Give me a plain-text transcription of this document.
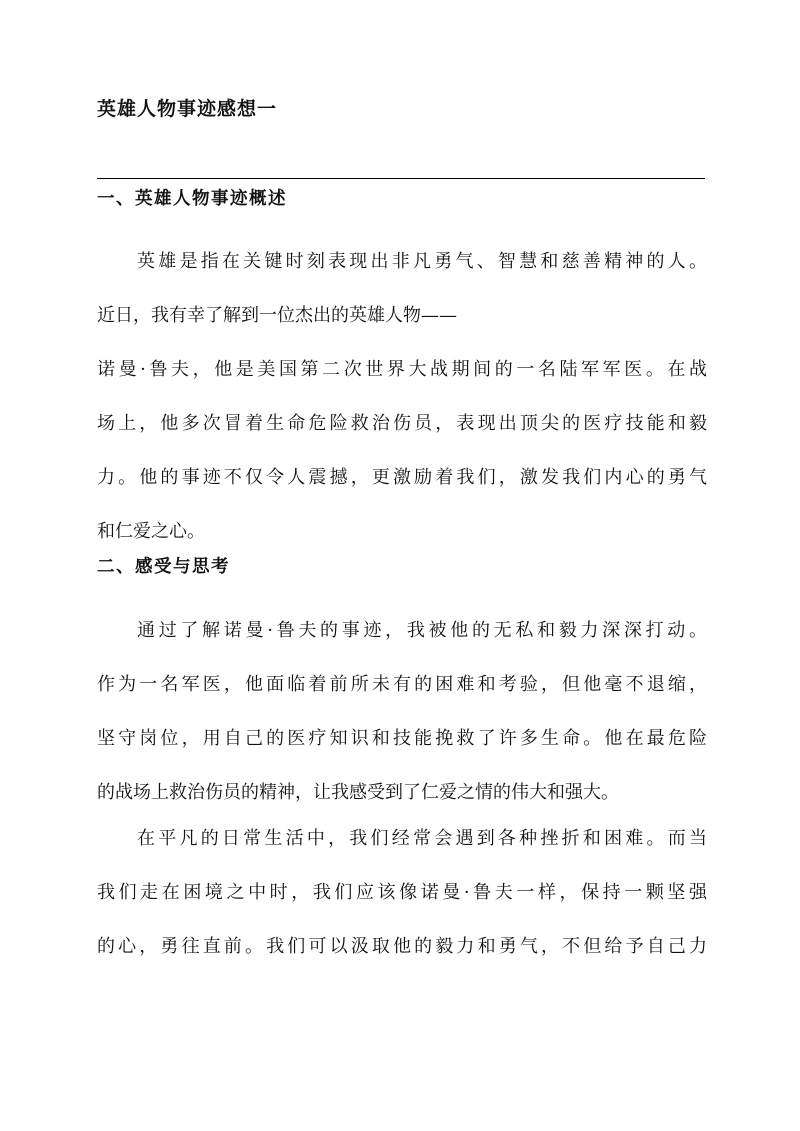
英雄人物事迹感想一
一、英雄人物事迹概述
英雄是指在关键时刻表现出非凡勇气、智慧和慈善精神的人。
近日，我有幸了解到一位杰出的英雄人物——
诺曼·鲁夫，他是美国第二次世界大战期间的一名陆军军医。在战
场上，他多次冒着生命危险救治伤员，表现出顶尖的医疗技能和毅
力。他的事迹不仅令人震撼，更激励着我们，激发我们内心的勇气
和仁爱之心。
二、感受与思考
通过了解诺曼·鲁夫的事迹，我被他的无私和毅力深深打动。
作为一名军医，他面临着前所未有的困难和考验，但他毫不退缩，
坚守岗位，用自己的医疗知识和技能挽救了许多生命。他在最危险
的战场上救治伤员的精神，让我感受到了仁爱之情的伟大和强大。
在平凡的日常生活中，我们经常会遇到各种挫折和困难。而当
我们走在困境之中时，我们应该像诺曼·鲁夫一样，保持一颗坚强
的心，勇往直前。我们可以汲取他的毅力和勇气，不但给予自己力
